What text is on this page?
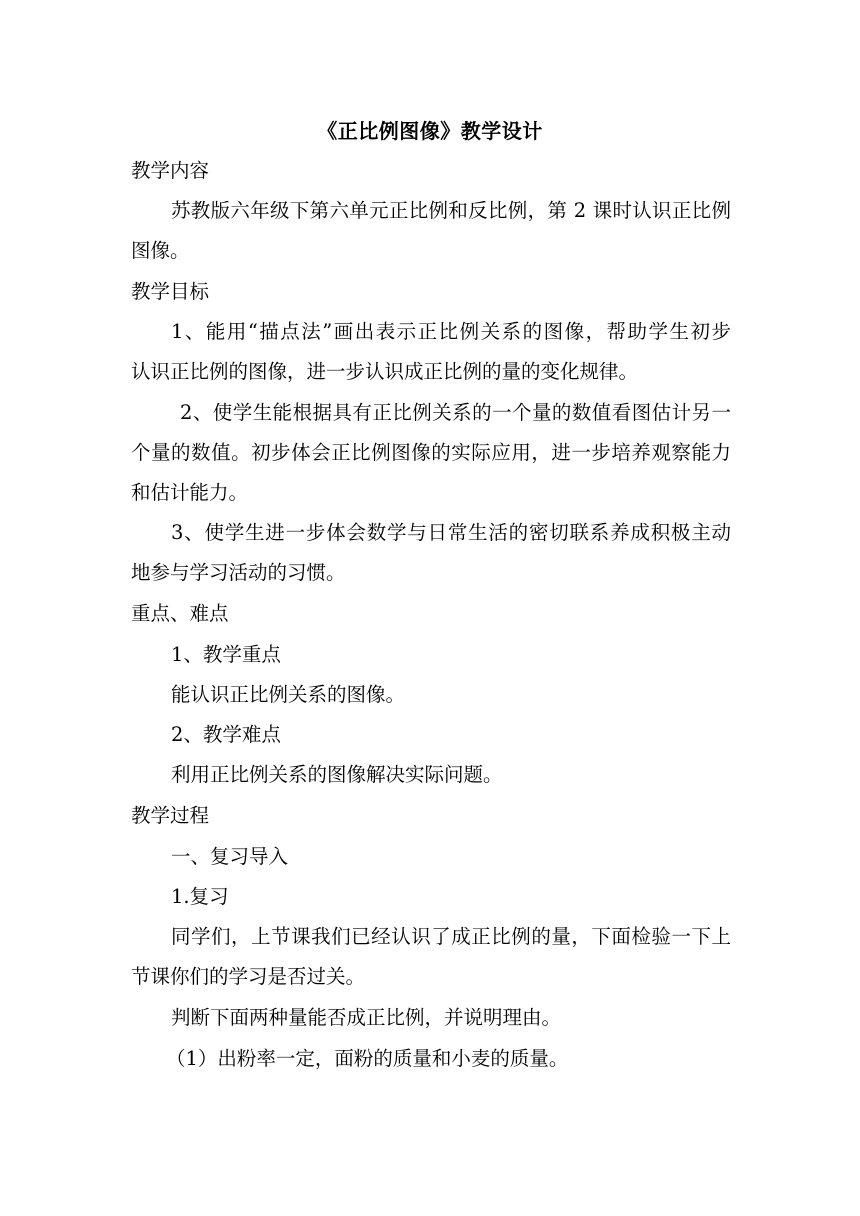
《正比例图像》教学设计
教学内容
苏教版六年级下第六单元正比例和反比例，第 2 课时认识正比例
图像。
教学目标
1、能用“描点法”画出表示正比例关系的图像，帮助学生初步
认识正比例的图像，进一步认识成正比例的量的变化规律。
2、使学生能根据具有正比例关系的一个量的数值看图估计另一
个量的数值。初步体会正比例图像的实际应用，进一步培养观察能力
和估计能力。
3、使学生进一步体会数学与日常生活的密切联系养成积极主动
地参与学习活动的习惯。
重点、难点
1、教学重点
能认识正比例关系的图像。
2、教学难点
利用正比例关系的图像解决实际问题。
教学过程
一、复习导入
1.复习
同学们，上节课我们已经认识了成正比例的量，下面检验一下上
节课你们的学习是否过关。
判断下面两种量能否成正比例，并说明理由。
（1）出粉率一定，面粉的质量和小麦的质量。
